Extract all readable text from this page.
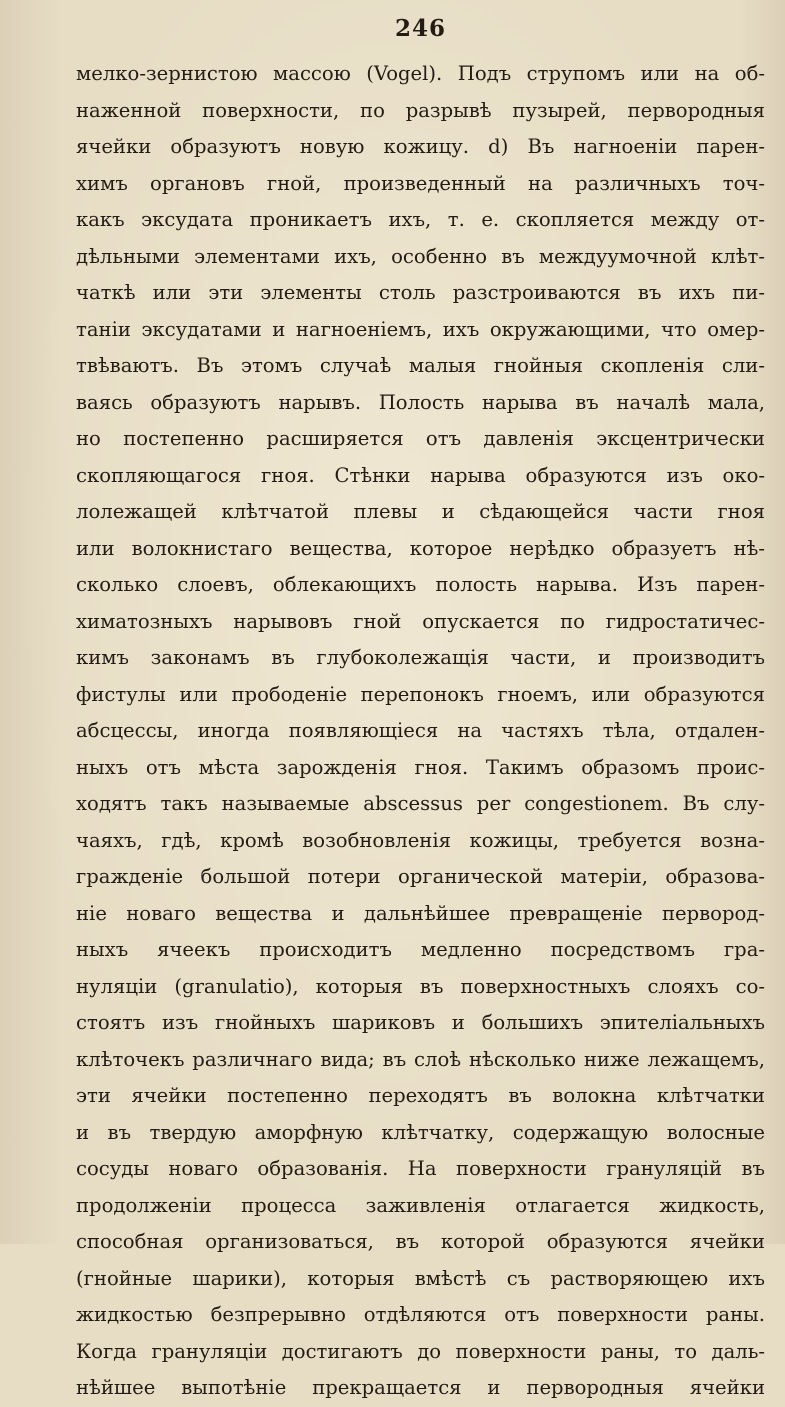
246
мелко-зернистою массою (Vogel). Подъ струпомъ или на об-
наженной поверхности, по разрывѣ пузырей, первородныя
ячейки образуютъ новую кожицу. d) Въ нагноеніи парен-
химъ органовъ гной, произведенный на различныхъ точ-
какъ эксудата проникаетъ ихъ, т. е. скопляется между от-
дѣльными элементами ихъ, особенно въ междуумочной клѣт-
чаткѣ или эти элементы столь разстроиваются въ ихъ пи-
таніи эксудатами и нагноеніемъ, ихъ окружающими, что омер-
твѣваютъ. Въ этомъ случаѣ малыя гнойныя скопленія сли-
ваясь образуютъ нарывъ. Полость нарыва въ началѣ мала,
но постепенно расширяется отъ давленія эксцентрически
скопляющагося гноя. Стѣнки нарыва образуются изъ око-
лолежащей клѣтчатой плевы и сѣдающейся части гноя
или волокнистаго вещества, которое нерѣдко образуетъ нѣ-
сколько слоевъ, облекающихъ полость нарыва. Изъ парен-
химатозныхъ нарывовъ гной опускается по гидростатичес-
кимъ законамъ въ глубоколежащія части, и производитъ
фистулы или прободеніе перепонокъ гноемъ, или образуются
абсцессы, иногда появляющіеся на частяхъ тѣла, отдален-
ныхъ отъ мѣста зарожденія гноя. Такимъ образомъ проис-
ходятъ такъ называемые abscessus per congestionem. Въ слу-
чаяхъ, гдѣ, кромѣ возобновленія кожицы, требуется возна-
гражденіе большой потери органической матеріи, образова-
ніе новаго вещества и дальнѣйшее превращеніе первород-
ныхъ ячеекъ происходитъ медленно посредствомъ гра-
нуляціи (granulatio), которыя въ поверхностныхъ слояхъ со-
стоятъ изъ гнойныхъ шариковъ и большихъ эпителіальныхъ
клѣточекъ различнаго вида; въ слоѣ нѣсколько ниже лежащемъ,
эти ячейки постепенно переходятъ въ волокна клѣтчатки
и въ твердую аморфную клѣтчатку, содержащую волосные
сосуды новаго образованія. На поверхности грануляцій въ
продолженіи процесса заживленія отлагается жидкость,
способная организоваться, въ которой образуются ячейки
(гнойные шарики), которыя вмѣстѣ съ растворяющею ихъ
жидкостью безпрерывно отдѣляются отъ поверхности раны.
Когда грануляціи достигаютъ до поверхности раны, то даль-
нѣйшее выпотѣніе прекращается и первородныя ячейки
